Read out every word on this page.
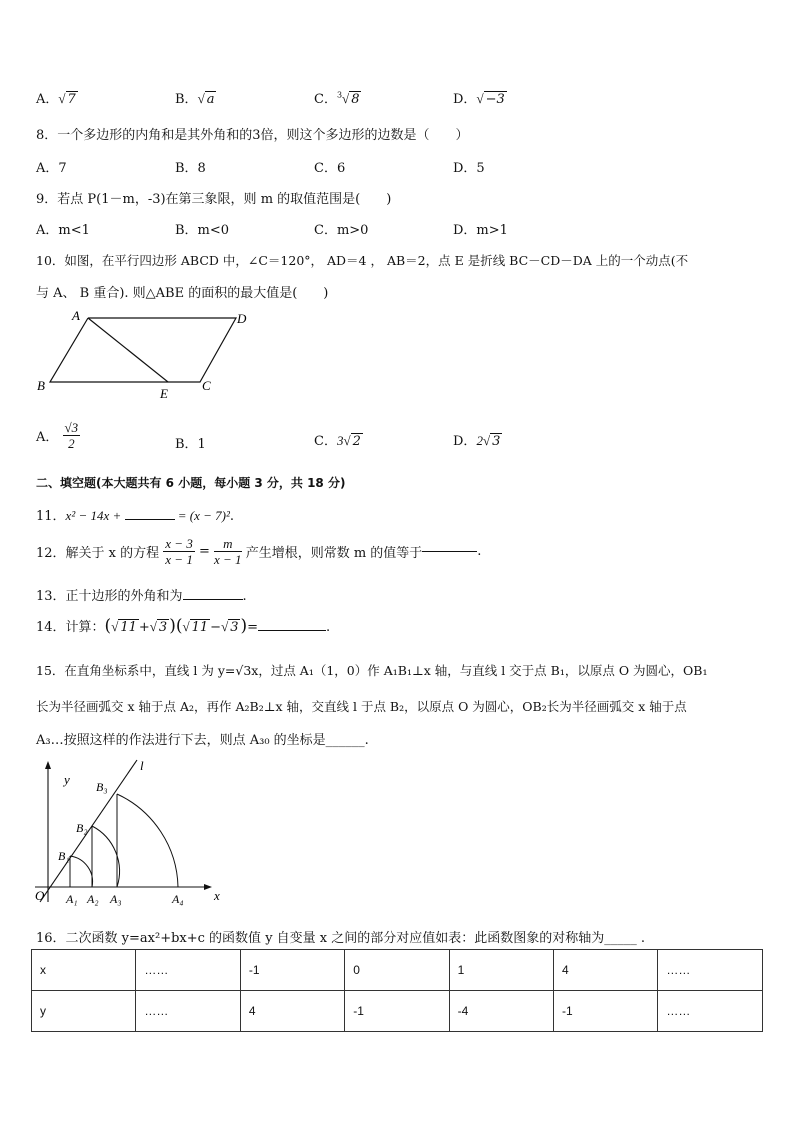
A．√ 7	B．√ a	C．$^3$√ 8	D．√ −3
8．一个多边形的内角和是其外角和的3倍，则这个多边形的边数是（　　）
A．7	B．8	C．6	D．5
9．若点 P(1－m，-3)在第三象限，则 m 的取值范围是(　　)
A．m<1	B．m<0	C．m>0	D．m>1
10．如图，在平行四边形 ABCD 中，∠C＝120°， AD＝4 ， AB＝2，点 E 是折线 BC－CD－DA 上的一个动点(不
与 A、 B 重合). 则△ABE 的面积的最大值是(　　)
A	D
B
E
C
A． $\frac{√3}{2}$	B．1	C．3√ 2	D．2√ 3
二、填空题(本大题共有 6 小题，每小题 3 分，共 18 分)
11．x² − 14x +	= (x − 7)².
12．解关于 x 的方程 $\frac{x - 3}{x - 1} = \frac{m}{x - 1}$ 产生增根，则常数 m 的值等于	.
13．正十边形的外角和为	.
14．计算：(√ 11 +√ 3 )(√ 11 −√ 3 )=	.
15．在直角坐标系中，直线 l 为 y=√3x，过点 A₁（1，0）作 A₁B₁⊥x 轴，与直线 l 交于点 B₁，以原点 O 为圆心，OB₁
长为半径画弧交 x 轴于点 A₂，再作 A₂B₂⊥x 轴，交直线 l 于点 B₂，以原点 O 为圆心，OB₂长为半径画弧交 x 轴于点
A₃…按照这样的作法进行下去，则点 A₃₀ 的坐标是______.
y
x
l
O
B₁
B₂
B₃
A₁ A₂ A₃	A₄
16．二次函数 y=ax²+bx+c 的函数值 y 自变量 x 之间的部分对应值如表：此函数图象的对称轴为_____ .
x	……	-1	0	1	4	……
y	……	4	-1	-4	-1	……
